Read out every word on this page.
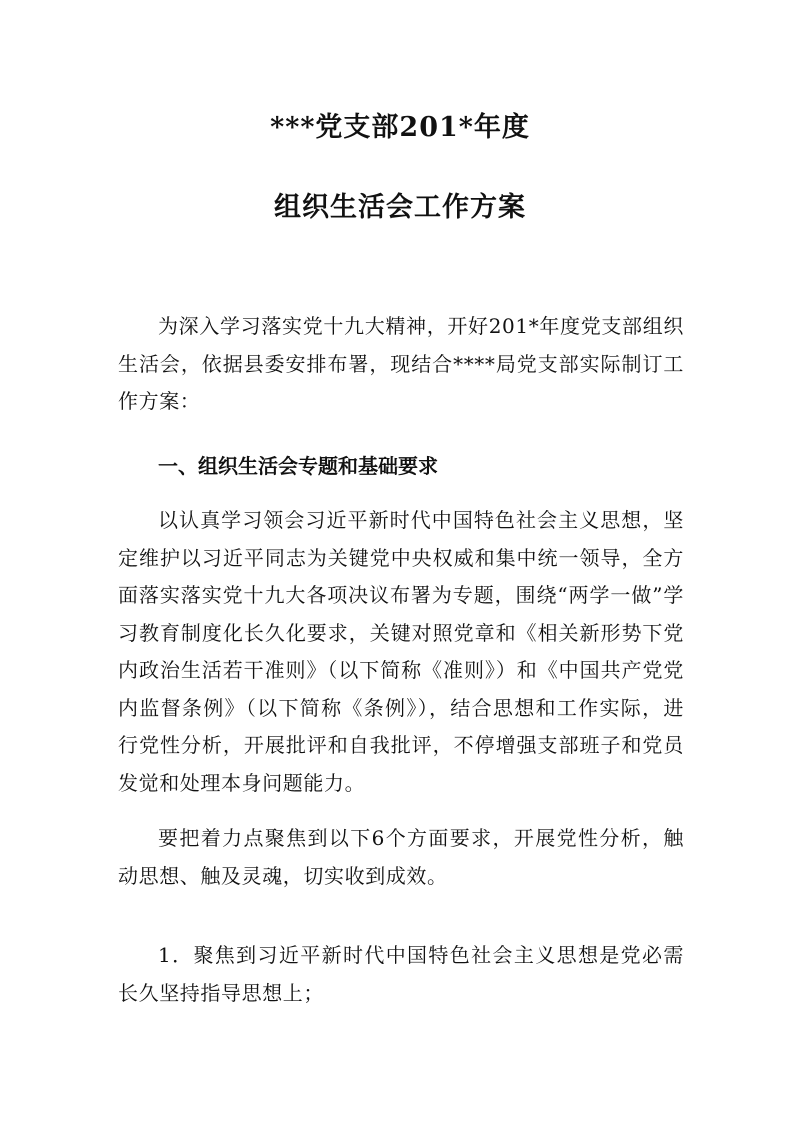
***党支部201*年度
组织生活会工作方案

为深入学习落实党十九大精神，开好201*年度党支部组织生活会，依据县委安排布署，现结合****局党支部实际制订工作方案：

一、组织生活会专题和基础要求

以认真学习领会习近平新时代中国特色社会主义思想，坚定维护以习近平同志为关键党中央权威和集中统一领导，全方面落实落实党十九大各项决议布署为专题，围绕“两学一做”学习教育制度化长久化要求，关键对照党章和《相关新形势下党内政治生活若干准则》（以下简称《准则》）和《中国共产党党内监督条例》（以下简称《条例》），结合思想和工作实际，进行党性分析，开展批评和自我批评，不停增强支部班子和党员发觉和处理本身问题能力。

要把着力点聚焦到以下6个方面要求，开展党性分析，触动思想、触及灵魂，切实收到成效。

1．聚焦到习近平新时代中国特色社会主义思想是党必需长久坚持指导思想上；
